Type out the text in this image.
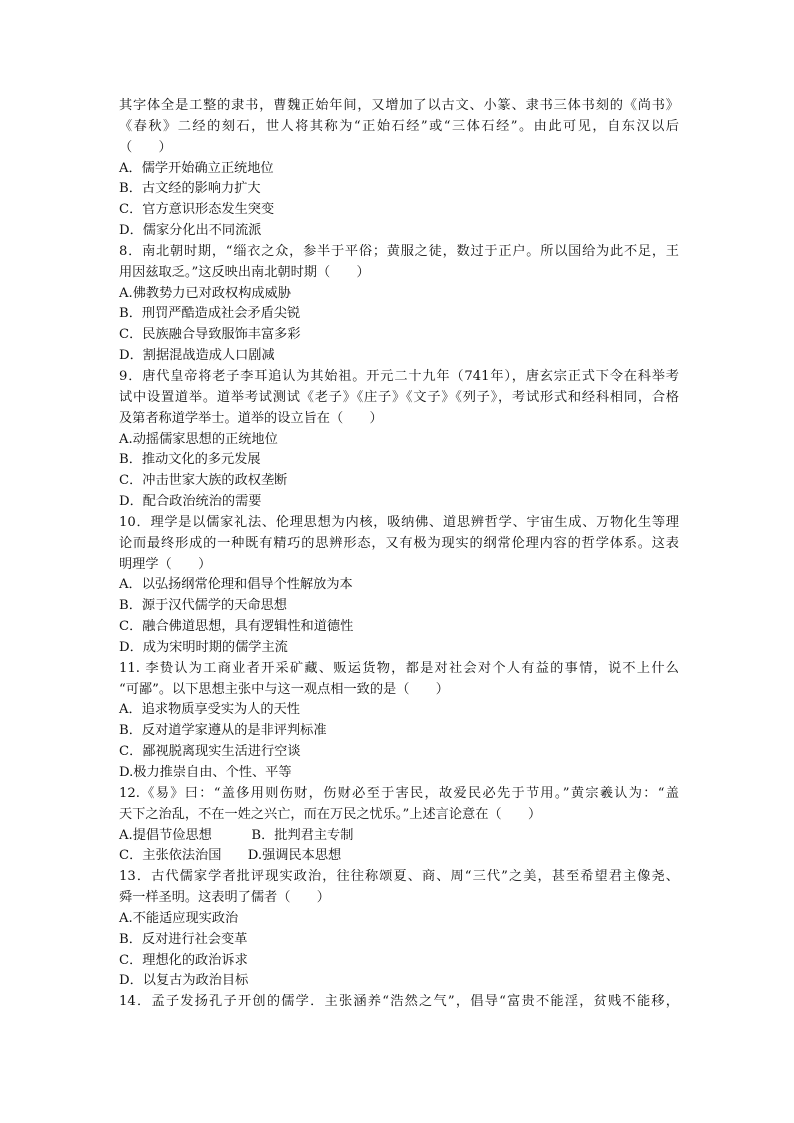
其字体全是工整的隶书，曹魏正始年间，又增加了以古文、小篆、隶书三体书刻的《尚书》
《春秋》二经的刻石，世人将其称为“正始石经”或“三体石经”。由此可见，自东汉以后
（　　）
A．儒学开始确立正统地位
B．古文经的影响力扩大
C．官方意识形态发生突变
D．儒家分化出不同流派
8．南北朝时期，“缁衣之众，参半于平俗；黄服之徒，数过于正户。所以国给为此不足，王
用因兹取乏。”这反映出南北朝时期（　　）
A.佛教势力已对政权构成威胁
B．刑罚严酷造成社会矛盾尖锐
C．民族融合导致服饰丰富多彩
D．割据混战造成人口剧减
9．唐代皇帝将老子李耳追认为其始祖。开元二十九年（741年），唐玄宗正式下令在科举考
试中设置道举。道举考试测试《老子》《庄子》《文子》《列子》，考试形式和经科相同，合格
及第者称道学举士。道举的设立旨在（　　）
A.动摇儒家思想的正统地位
B．推动文化的多元发展
C．冲击世家大族的政权垄断
D．配合政治统治的需要
10．理学是以儒家礼法、伦理思想为内核，吸纳佛、道思辨哲学、宇宙生成、万物化生等理
论而最终形成的一种既有精巧的思辨形态，又有极为现实的纲常伦理内容的哲学体系。这表
明理学（　　）
A．以弘扬纲常伦理和倡导个性解放为本
B．源于汉代儒学的天命思想
C．融合佛道思想，具有逻辑性和道德性
D．成为宋明时期的儒学主流
11. 李贽认为工商业者开采矿藏、贩运货物，都是对社会对个人有益的事情，说不上什么
“可鄙”。以下思想主张中与这一观点相一致的是（　　）
A．追求物质享受实为人的天性
B．反对道学家遵从的是非评判标准
C．鄙视脱离现实生活进行空谈
D.极力推崇自由、个性、平等
12.《易》曰：“盖侈用则伤财，伤财必至于害民，故爱民必先于节用。”黄宗羲认为：“盖
天下之治乱，不在一姓之兴亡，而在万民之忧乐。”上述言论意在（　　）
A.提倡节俭思想　　　B．批判君主专制
C．主张依法治国　　D.强调民本思想
13．古代儒家学者批评现实政治，往往称颂夏、商、周“三代”之美，甚至希望君主像尧、
舜一样圣明。这表明了儒者（　　）
A.不能适应现实政治
B．反对进行社会变革
C．理想化的政治诉求
D．以复古为政治目标
14．孟子发扬孔子开创的儒学．主张涵养“浩然之气”，倡导“富贵不能淫，贫贱不能移，
